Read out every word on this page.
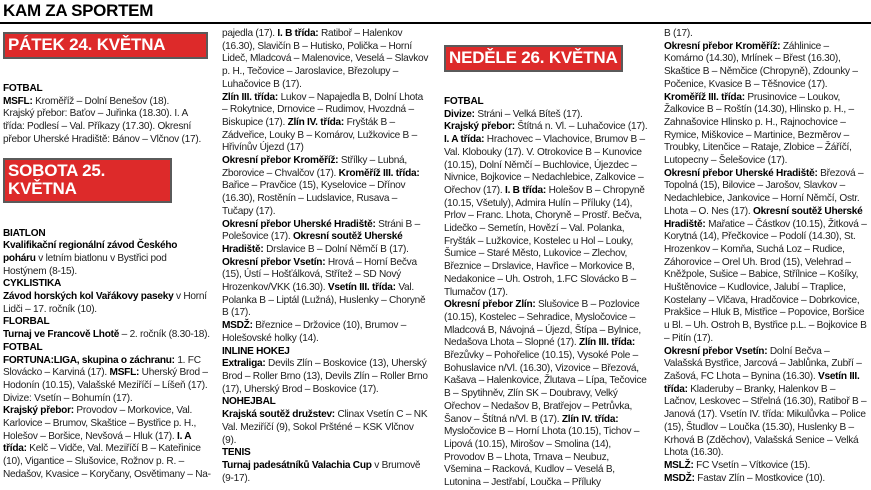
KAM ZA SPORTEM
PÁTEK 24. KVĚTNA

FOTBAL

MSFL: Kroměříž – Dolní Benešov (18).

Krajský přebor: Baťov – Juřinka (18.30). I. A třída: Podlesí – Val. Příkazy (17.30). Okresní přebor Uherské Hradiště: Bánov – Vlčnov (17).

SOBOTA 25. KVĚTNA

BIATLON

Kvalifikační regionální závod Českého poháru v letním biatlonu v Bystřici pod Hostýnem (8-15).

CYKLISTIKA

Závod horských kol Vařákovy paseky v Horní Lidči – 17. ročník (10).

FLORBAL

Turnaj ve Francově Lhotě – 2. ročník (8.30-18).

FOTBAL

FORTUNA:LIGA, skupina o záchranu: 1. FC Slovácko – Karviná (17). MSFL: Uherský Brod – Hodonín (10.15), Valašské Meziříčí – Líšeň (17). Divize: Vsetín – Bohumín (17).

Krajský přebor: Provodov – Morkovice, Val. Karlovice – Brumov, Skaštice – Bystřice p. H., Holešov – Boršice, Nevšová – Hluk (17). I. A třída: Kelč – Vidče, Val. Meziříčí B – Kateřinice (10), Vigantice – Slušovice, Rožnov p. R. – Nedašov, Kvasice – Koryčany, Osvětimany – Na-

pajedla (17). I. B třída: Ratiboř – Halenkov (16.30), Slavičín B – Hutisko, Polička – Horní Lideč, Mladcová – Malenovice, Veselá – Slavkov p. H., Tečovice – Jaroslavice, Březolupy – Luhačovice B (17).

Zlín III. třída: Lukov – Napajedla B, Dolní Lhota – Rokytnice, Drnovice – Rudimov, Hvozdná – Biskupice (17). Zlín IV. třída: Fryšták B – Zádveřice, Louky B – Komárov, Lužkovice B – Hřivínův Újezd (17)

Okresní přebor Kroměříž: Střílky – Lubná, Zborovice – Chvalčov (17). Kroměříž III. třída: Bařice – Pravčice (15), Kyselovice – Dřínov (16.30), Rostěnín – Ludslavice, Rusava – Tučapy (17).

Okresní přebor Uherské Hradiště: Stráni B – Polešovice (17). Okresní soutěž Uherské Hradiště: Drslavice B – Dolní Němčí B (17).

Okresní přebor Vsetín: Hrová – Horní Bečva (15), Ústí – Hošťálková, Střítež – SD Nový Hrozenkov/VKK (16.30). Vsetín III. třída: Val. Polanka B – Liptál (Lužná), Huslenky – Choryně B (17).

MSDŽ: Březnice – Držovice (10), Brumov – Holešovské holky (14).

INLINE HOKEJ

Extraliga: Devils Zlín – Boskovice (13), Uherský Brod – Roller Brno (13), Devils Zlín – Roller Brno (17), Uherský Brod – Boskovice (17).

NOHEJBAL

Krajská soutěž družstev: Clinax Vsetín C – NK Val. Meziříčí (9), Sokol Pršténé – KSK Vlčnov (9).

TENIS

Turnaj padesátníků Valachia Cup v Brumově (9-17).

NEDĚLE 26. KVĚTNA

FOTBAL

Divize: Stráni – Velká Bíteš (17).

Krajský přebor: Štítná n. Vl. – Luhačovice (17). I. A třída: Hrachovec – Vlachovice, Brumov B – Val. Klobouky (17). V. Otrokovice B – Kunovice (10.15), Dolní Němčí – Buchlovice, Újezdec – Nivnice, Bojkovice – Nedachlebice, Zalkovice – Ořechov (17). I. B třída: Holešov B – Chropyně (10.15, Všetuly), Admira Hulín – Příluky (14), Prlov – Franc. Lhota, Choryně – Prostř. Bečva, Lidečko – Semetín, Hovězí – Val. Polanka, Fryšták – Lužkovice, Kostelec u Hol – Louky, Šumice – Staré Město, Lukovice – Zlechov, Březnice – Drslavice, Havřice – Morkovice B, Nedakonice – Uh. Ostroh, 1.FC Slovácko B – Tlumačov (17).

Okresní přebor Zlín: Slušovice B – Pozlovice (10.15), Kostelec – Sehradice, Mysločovice – Mladcová B, Návojná – Újezd, Štípa – Bylnice, Nedašova Lhota – Slopné (17). Zlín III. třída: Březůvky – Pohořelice (10.15), Vysoké Pole – Bohuslavice n/Vl. (16.30), Vizovice – Březová, Kašava – Halenkovice, Žlutava – Lípa, Tečovice B – Spytihněv, Zlín SK – Doubravy, Velký Ořechov – Nedašov B, Bratřejov – Petrůvka, Šanov – Štítná n/Vl. B (17). Zlín IV. třída: Mysločovice B – Horní Lhota (10.15), Tichov – Lipová (10.15), Mirošov – Smolina (14), Provodov B – Lhota, Trnava – Neubuz, Všemina – Racková, Kudlov – Veselá B, Lutonina – Jestřabí, Loučka – Příluky

B (17).

Okresní přebor Kroměříž: Záhlinice – Komárno (14.30), Mrlínek – Břest (16.30), Skaštice B – Němčice (Chropyně), Zdounky – Počenice, Kvasice B – Těšnovice (17). Kroměříž III. třída: Prusinovice – Loukov, Žalkovice B – Roštín (14.30), Hlinsko p. H., – Zahnašovice Hlinsko p. H., Rajnochovice – Rymice, Miškovice – Martinice, Bezměrov – Troubky, Litenčice – Rataje, Zlobice – Žáříčí, Lutopecny – Šelešovice (17).

Okresní přebor Uherské Hradiště: Březová – Topolná (15), Bilovice – Jarošov, Slavkov – Nedachlebice, Jankovice – Horní Němčí, Ostr. Lhota – O. Nes (17). Okresní soutěž Uherské Hradiště: Mařatice – Částkov (10.15), Žitková – Korytná (14), Přečkovice – Podolí (14.30), St. Hrozenkov – Komňa, Suchá Loz – Rudice, Záhorovice – Orel Uh. Brod (15), Velehrad – Kněžpole, Sušice – Babice, Střílnice – Košíky, Huštěnovice – Kudlovice, Jalubí – Traplice, Kostelany – Vlčava, Hradčovice – Dobrkovice, Prakšice – Hluk B, Mistřice – Popovice, Boršice u Bl. – Uh. Ostroh B, Bystřice p.L. – Bojkovice B – Pitín (17).

Okresní přebor Vsetín: Dolní Bečva – Valašská Bystřice, Jarcová – Jablůnka, Zubří – Zašová, FC Lhota – Bynina (16.30). Vsetín III. třída: Kladeruby – Branky, Halenkov B – Lačnov, Leskovec – Střelná (16.30), Ratiboř B – Janová (17). Vsetín IV. třída: Mikulůvka – Police (15), Študlov – Loučka (15.30), Huslenky B – Krhová B (Zděchov), Valašská Senice – Velká Lhota (16.30).

MSLŽ: FC Vsetín – Vítkovice (15).

MSDŽ: Fastav Zlín – Mostkovice (10).
